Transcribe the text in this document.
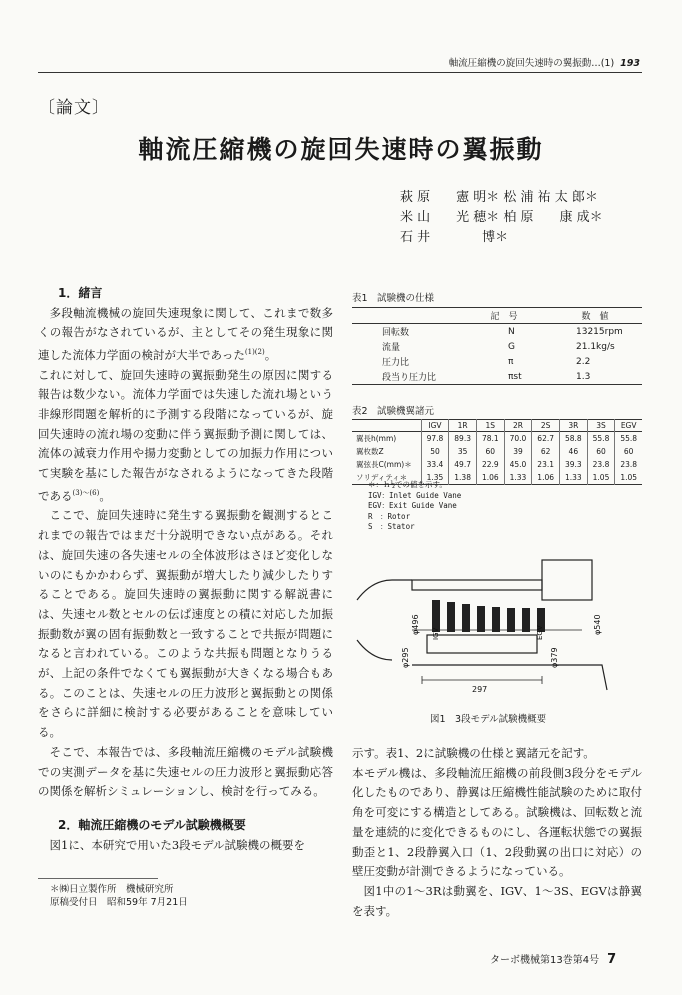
軸流圧縮機の旋回失速時の翼振動…(1) 193
〔論文〕
軸流圧縮機の旋回失速時の翼振動
萩 原　　憲 明＊ 松 浦 祐 太 郎＊
米 山　　光 穂＊ 柏 原　　康 成＊
石 井　　　　博＊
1．緒言

多段軸流機械の旋回失速現象に関して、これまで数多くの報告がなされているが、主としてその発生現象に関連した流体力学面の検討が大半であった$^{(1)(2)}$。

これに対して、旋回失速時の翼振動発生の原因に関する報告は数少ない。流体力学面では失速した流れ場という非線形問題を解析的に予測する段階になっているが、旋回失速時の流れ場の変動に伴う翼振動予測に関しては、流体の減衰力作用や揚力変動としての加振力作用について実験を基にした報告がなされるようになってきた段階である$^{(3)\sim(6)}$。

ここで、旋回失速時に発生する翼振動を観測するとこれまでの報告ではまだ十分説明できない点がある。それは、旋回失速の各失速セルの全体波形はさほど変化しないのにもかかわらず、翼振動が増大したり減少したりすることである。旋回失速時の翼振動に関する解説書には、失速セル数とセルの伝ぱ速度との積に対応した加振振動数が翼の固有振動数と一致することで共振が問題になると言われている。このような共振も問題となりうるが、上記の条件でなくても翼振動が大きくなる場合もある。このことは、失速セルの圧力波形と翼振動との関係をさらに詳細に検討する必要があることを意味している。

そこで、本報告では、多段軸流圧縮機のモデル試験機での実測データを基に失速セルの圧力波形と翼振動応答の関係を解析シミュレーションし、検討を行ってみる。

2．軸流圧縮機のモデル試験機概要

図1に、本研究で用いた3段モデル試験機の概要を

＊㈱日立製作所　機械研究所
原稿受付日　昭和59年 7月21日
表1　試験機の仕様
	記　号	数　値
回転数	N	13215rpm
流量	G	21.1kg/s
圧力比	π	2.2
段当り圧力比	πst	1.3
表2　試験機翼諸元
	IGV	1R	1S	2R	2S	3R	3S	EGV
翼長h(mm)	97.8	89.3	78.1	70.0	62.7	58.8	55.8	55.8
翼枚数Z	50	35	60	39	62	46	60	60
翼弦長C(mm)＊	33.4	49.7	22.9	45.0	23.1	39.3	23.8	23.8
ソリディティ＊	1.35	1.38	1.06	1.33	1.06	1.33	1.05	1.05
＊：ｈ½での値を示す。
IGV：Inlet Guide Vane
EGV：Exit Guide Vane
R　：Rotor
S　：Stator
φ496	φ540
φ295	φ379
297
IGV	EGV
図1　3段モデル試験機概要

示す。表1、2に試験機の仕様と翼諸元を記す。

本モデル機は、多段軸流圧縮機の前段側3段分をモデル化したものであり、静翼は圧縮機性能試験のために取付角を可変にする構造としてある。試験機は、回転数と流量を連続的に変化できるものにし、各運転状態での翼振動歪と1、2段静翼入口（1、2段動翼の出口に対応）の壁圧変動が計測できるようになっている。

図1中の1～3Rは動翼を、IGV、1～3S、EGVは静翼を表す。

ターボ機械第13巻第4号 7
